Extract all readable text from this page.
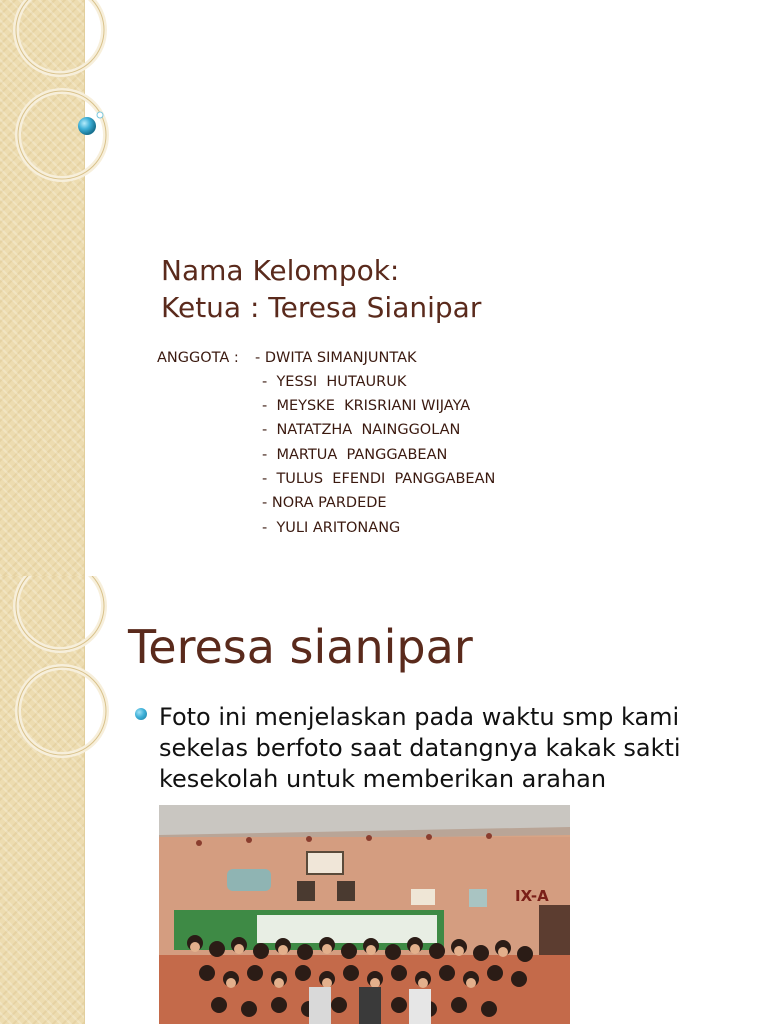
Nama Kelompok:
Ketua : Teresa Sianipar
ANGGOTA : - DWITA SIMANJUNTAK
-  YESSI  HUTAURUK
-  MEYSKE  KRISRIANI WIJAYA
-  NATATZHA  NAINGGOLAN
-  MARTUA  PANGGABEAN
-  TULUS  EFENDI  PANGGABEAN
- NORA PARDEDE
-  YULI ARITONANG
Teresa sianipar
Foto ini menjelaskan pada waktu smp kami sekelas berfoto saat datangnya kakak sakti kesekolah untuk memberikan arahan
IX-A
